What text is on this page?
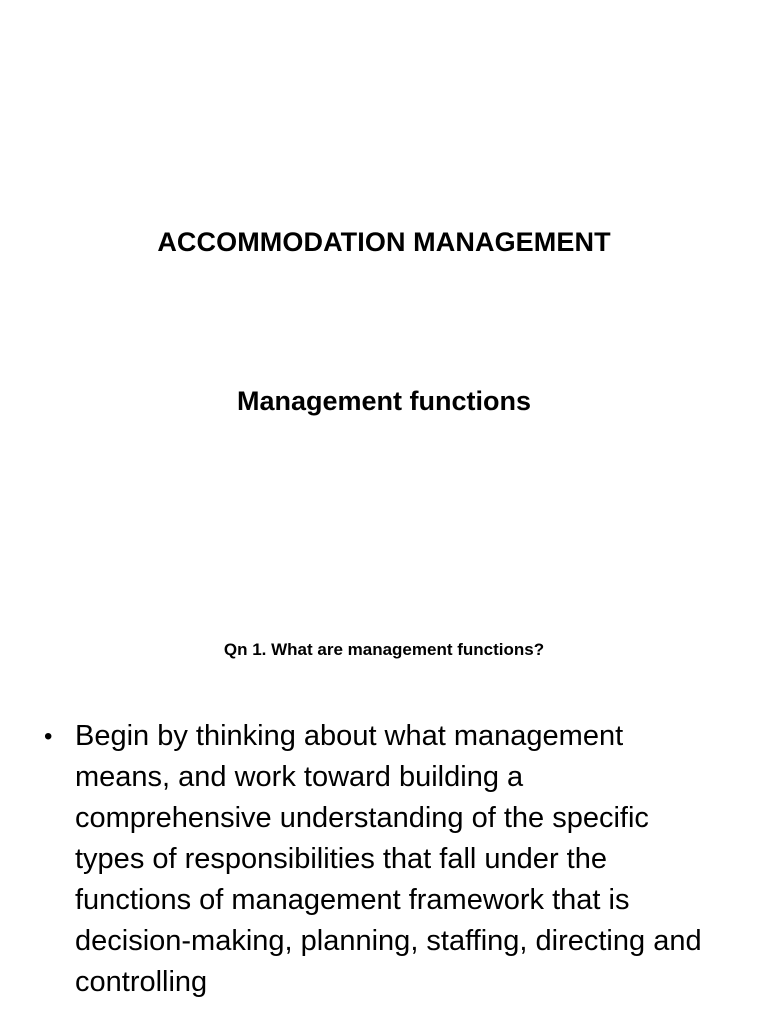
ACCOMMODATION MANAGEMENT
Management functions
Qn 1. What are management functions?
• Begin by thinking about what management means, and work toward building a comprehensive understanding of the specific types of responsibilities that fall under the functions of management framework that is decision-making, planning, staffing, directing and controlling
